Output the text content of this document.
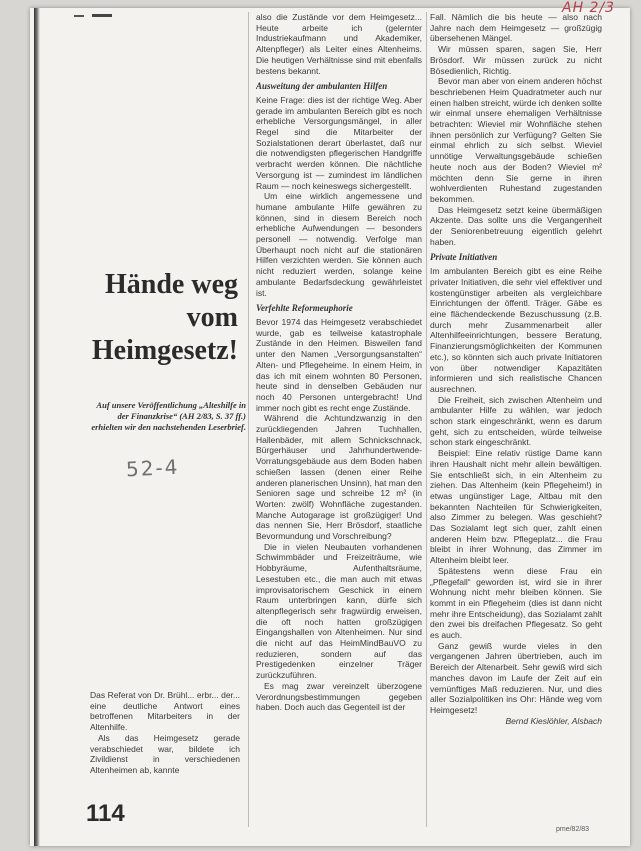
AH 2/3
Hände weg
vom
Heimgesetz!
Auf unsere Veröffentlichung „Alteshilfe in der Finanzkrise“ (AH 2/83, S. 37 ff.) erhielten wir den nachstehenden Leserbrief.
52-4

Das Referat von Dr. Brühl... erbr... der... eine deutliche Antwort eines betroffenen Mitarbeiters in der Altenhilfe.

Als das Heimgesetz gerade verabschiedet war, bildete ich Zivildienst in verschiedenen Altenheimen ab, kannte

also die Zustände vor dem Heimgesetz... Heute arbeite ich (gelernter Industriekaufmann und Akademiker, Altenpfleger) als Leiter eines Altenheims. Die heutigen Verhältnisse sind mit ebenfalls bestens bekannt.

Ausweitung der ambulanten Hilfen

Keine Frage: dies ist der richtige Weg. Aber gerade im ambulanten Bereich gibt es noch erhebliche Versorgungsmängel, in aller Regel sind die Mitarbeiter der Sozialstationen derart überlastet, daß nur die notwendigsten pflegerischen Handgriffe verbracht werden können. Die nächtliche Versorgung ist — zumindest im ländlichen Raum — noch keineswegs sichergestellt.

Um eine wirklich angemessene und humane ambulante Hilfe gewähren zu können, sind in diesem Bereich noch erhebliche Aufwendungen — besonders personell — notwendig. Verfolge man Überhaupt noch nicht auf die stationären Hilfen verzichten werden. Sie können auch nicht reduziert werden, solange keine ambulante Bedarfsdeckung gewährleistet ist.

Verfehlte Reformeuphorie

Bevor 1974 das Heimgesetz verabschiedet wurde, gab es teilweise katastrophale Zustände in den Heimen. Bisweilen fand unter den Namen „Versorgungsanstalten“ Alten- und Pflegeheime. In einem Heim, in das ich mit einem wohnten 80 Personen, heute sind in denselben Gebäuden nur noch 40 Personen untergebracht! Und immer noch gibt es recht enge Zustände.

Während die Achtundzwanzig in den zurückliegenden Jahren Tuchhallen, Hallenbäder, mit allem Schnickschnack, Bürgerhäuser und Jahrhundertwende-Vorratungsgebäude aus dem Boden haben schießen lassen (denen einer Reihe anderen planerischen Unsinn), hat man den Senioren sage und schreibe 12 m² (in Worten: zwölf) Wohnfläche zugestanden. Manche Autogarage ist großzügiger! Und das nennen Sie, Herr Brösdorf, staatliche Bevormundung und Vorschreibung?

Die in vielen Neubauten vorhandenen Schwimmbäder und Freizeiträume, wie Hobbyräume, Aufenthaltsräume, Lesestuben etc., die man auch mit etwas improvisatorischem Geschick in einem Raum unterbringen kann, dürfe sich altenpflegerisch sehr fragwürdig erweisen, die oft noch hatten großzügigen Eingangshallen von Altenheimen. Nur sind die nicht auf das HeimMindBauVO zu reduzieren, sondern auf das Prestigedenken einzelner Träger zurückzuführen.

Es mag zwar vereinzelt überzogene Verordnungsbestimmungen gegeben haben. Doch auch das Gegenteil ist der

Fall. Nämlich die bis heute — also nach Jahre nach dem Heimgesetz — großzügig übersehenen Mängel.

Wir müssen sparen, sagen Sie, Herr Brösdorf. Wir müssen zurück zu nicht Bösedienlich, Richtig.

Bevor man aber von einem anderen höchst beschriebenen Heim Quadratmeter auch nur einen halben streicht, würde ich denken sollte wir einmal unsere ehemaligen Verhältnisse betrachten: Wieviel mir Wohnfläche stehen ihnen persönlich zur Verfügung? Gelten Sie einmal ehrlich zu sich selbst. Wieviel unnötige Verwaltungsgebäude schießen heute noch aus der Boden? Wieviel m² möchten denn Sie gerne in ihren wohlverdienten Ruhestand zugestanden bekommen.

Das Heimgesetz setzt keine übermäßigen Akzente. Das sollte uns die Vergangenheit der Seniorenbetreuung eigentlich gelehrt haben.

Private Initiativen

Im ambulanten Bereich gibt es eine Reihe privater Initiativen, die sehr viel effektiver und kostengünstiger arbeiten als vergleichbare Einrichtungen der öffentl. Träger. Gäbe es eine flächendeckende Bezuschussung (z.B. durch mehr Zusammenarbeit aller Altenhilfeeinrichtungen, bessere Beratung, Finanzierungsmöglichkeiten der Kommunen etc.), so könnten sich auch private Initiatoren von über notwendiger Kapazitäten informieren und sich realistische Chancen ausrechnen.

Die Freiheit, sich zwischen Altenheim und ambulanter Hilfe zu wählen, war jedoch schon stark eingeschränkt, wenn es darum geht, sich zu entscheiden, würde teilweise schon stark eingeschränkt.

Beispiel: Eine relativ rüstige Dame kann ihren Haushalt nicht mehr allein bewältigen. Sie entschließt sich, in ein Altenheim zu ziehen. Das Altenheim (kein Pflegeheim!) in etwas ungünstiger Lage, Altbau mit den bekannten Nachteilen für Schwierigkeiten, also Zimmer zu belegen. Was geschieht? Das Sozialamt legt sich quer, zahlt einen anderen Heim bzw. Pflegeplatz... die Frau bleibt in ihrer Wohnung, das Zimmer im Altenheim bleibt leer.

Spätestens wenn diese Frau ein „Pflegefall“ geworden ist, wird sie in ihrer Wohnung nicht mehr bleiben können. Sie kommt in ein Pflegeheim (dies ist dann nicht mehr ihre Entscheidung), das Sozialamt zahlt den zwei bis dreifachen Pflegesatz. So geht es auch.

Ganz gewiß wurde vieles in den vergangenen Jahren übertrieben, auch im Bereich der Altenarbeit. Sehr gewiß wird sich manches davon im Laufe der Zeit auf ein vernünftiges Maß reduzieren. Nur, und dies aller Sozialpolitiken ins Ohr: Hände weg vom Heimgesetz!

Bernd Kieslöhler, Alsbach
114
pme/82/83
